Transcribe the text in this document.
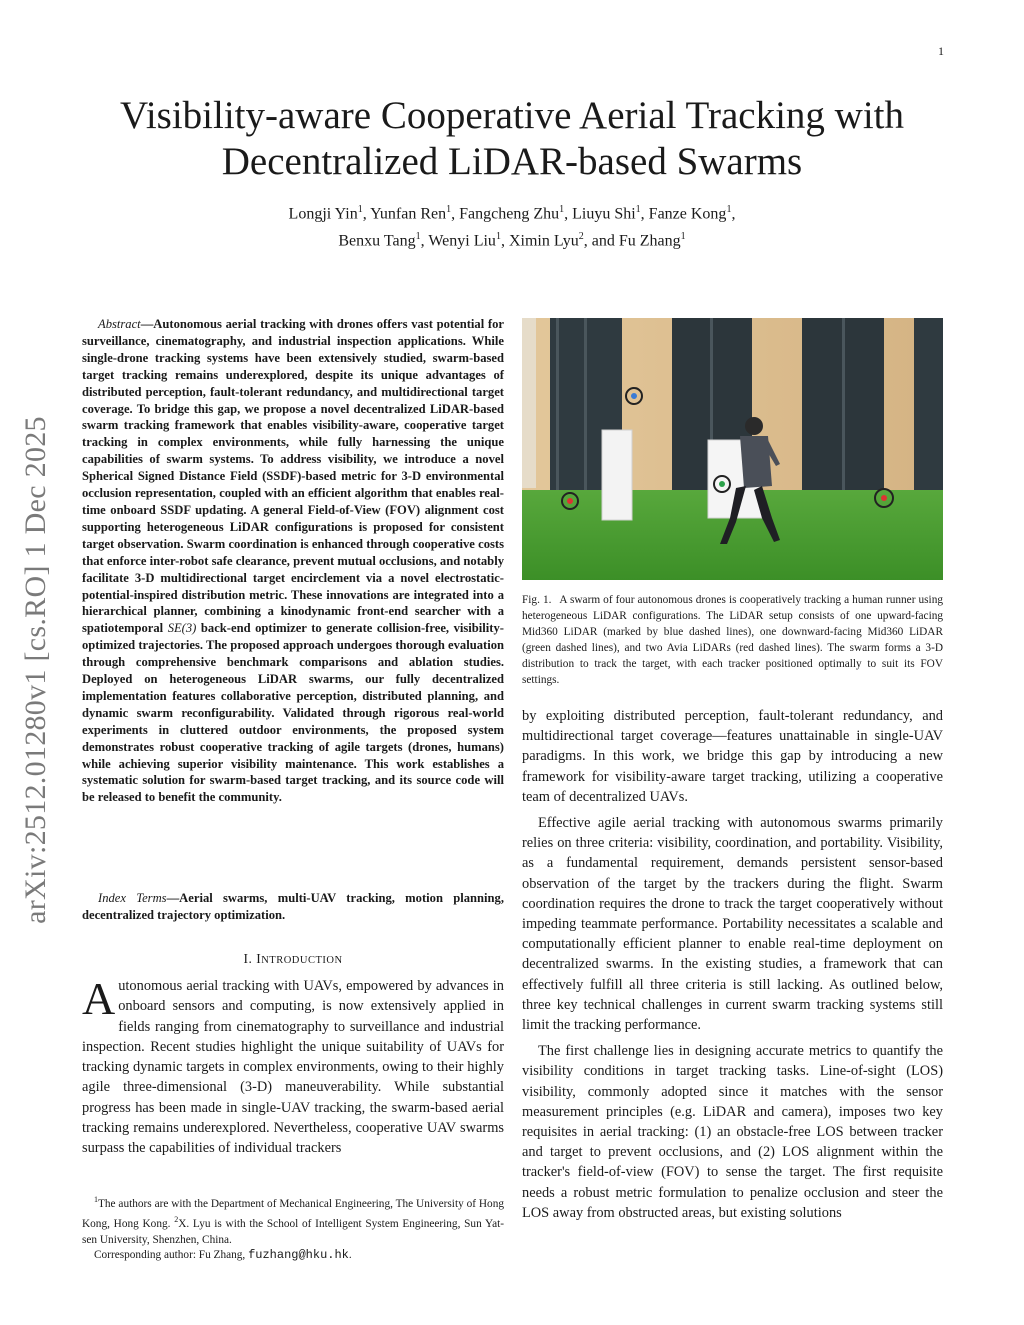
1
arXiv:2512.01280v1 [cs.RO] 1 Dec 2025
Visibility-aware Cooperative Aerial Tracking with Decentralized LiDAR-based Swarms
Longji Yin$^1$, Yunfan Ren$^1$, Fangcheng Zhu$^1$, Liuyu Shi$^1$, Fanze Kong$^1$,
Benxu Tang$^1$, Wenyi Liu$^1$, Ximin Lyu$^2$, and Fu Zhang$^1$
Abstract—Autonomous aerial tracking with drones offers vast potential for surveillance, cinematography, and industrial inspection applications. While single-drone tracking systems have been extensively studied, swarm-based target tracking remains underexplored, despite its unique advantages of distributed perception, fault-tolerant redundancy, and multidirectional target coverage. To bridge this gap, we propose a novel decentralized LiDAR-based swarm tracking framework that enables visibility-aware, cooperative target tracking in complex environments, while fully harnessing the unique capabilities of swarm systems. To address visibility, we introduce a novel Spherical Signed Distance Field (SSDF)-based metric for 3-D environmental occlusion representation, coupled with an efficient algorithm that enables real-time onboard SSDF updating. A general Field-of-View (FOV) alignment cost supporting heterogeneous LiDAR configurations is proposed for consistent target observation. Swarm coordination is enhanced through cooperative costs that enforce inter-robot safe clearance, prevent mutual occlusions, and notably facilitate 3-D multidirectional target encirclement via a novel electrostatic-potential-inspired distribution metric. These innovations are integrated into a hierarchical planner, combining a kinodynamic front-end searcher with a spatiotemporal SE(3) back-end optimizer to generate collision-free, visibility-optimized trajectories. The proposed approach undergoes thorough evaluation through comprehensive benchmark comparisons and ablation studies. Deployed on heterogeneous LiDAR swarms, our fully decentralized implementation features collaborative perception, distributed planning, and dynamic swarm reconfigurability. Validated through rigorous real-world experiments in cluttered outdoor environments, the proposed system demonstrates robust cooperative tracking of agile targets (drones, humans) while achieving superior visibility maintenance. This work establishes a systematic solution for swarm-based target tracking, and its source code will be released to benefit the community.
Index Terms—Aerial swarms, multi-UAV tracking, motion planning, decentralized trajectory optimization.
I. INTRODUCTION
Autonomous aerial tracking with UAVs, empowered by advances in onboard sensors and computing, is now extensively applied in fields ranging from cinematography to surveillance and industrial inspection. Recent studies highlight the unique suitability of UAVs for tracking dynamic targets in complex environments, owing to their highly agile three-dimensional (3-D) maneuverability. While substantial progress has been made in single-UAV tracking, the swarm-based aerial tracking remains underexplored. Nevertheless, cooperative UAV swarms surpass the capabilities of individual trackers
$^1$The authors are with the Department of Mechanical Engineering, The University of Hong Kong, Hong Kong. $^2$X. Lyu is with the School of Intelligent System Engineering, Sun Yat-sen University, Shenzhen, China.
Corresponding author: Fu Zhang, fuzhang@hku.hk.
Fig. 1. A swarm of four autonomous drones is cooperatively tracking a human runner using heterogeneous LiDAR configurations. The LiDAR setup consists of one upward-facing Mid360 LiDAR (marked by blue dashed lines), one downward-facing Mid360 LiDAR (green dashed lines), and two Avia LiDARs (red dashed lines). The swarm forms a 3-D distribution to track the target, with each tracker positioned optimally to suit its FOV settings.

by exploiting distributed perception, fault-tolerant redundancy, and multidirectional target coverage—features unattainable in single-UAV paradigms. In this work, we bridge this gap by introducing a new framework for visibility-aware target tracking, utilizing a cooperative team of decentralized UAVs.

Effective agile aerial tracking with autonomous swarms primarily relies on three criteria: visibility, coordination, and portability. Visibility, as a fundamental requirement, demands persistent sensor-based observation of the target by the trackers during the flight. Swarm coordination requires the drone to track the target cooperatively without impeding teammate performance. Portability necessitates a scalable and computationally efficient planner to enable real-time deployment on decentralized swarms. In the existing studies, a framework that can effectively fulfill all three criteria is still lacking. As outlined below, three key technical challenges in current swarm tracking systems still limit the tracking performance.

The first challenge lies in designing accurate metrics to quantify the visibility conditions in target tracking tasks. Line-of-sight (LOS) visibility, commonly adopted since it matches with the sensor measurement principles (e.g. LiDAR and camera), imposes two key requisites in aerial tracking: (1) an obstacle-free LOS between tracker and target to prevent occlusions, and (2) LOS alignment within the tracker's field-of-view (FOV) to sense the target. The first requisite needs a robust metric formulation to penalize occlusion and steer the LOS away from obstructed areas, but existing solutions
